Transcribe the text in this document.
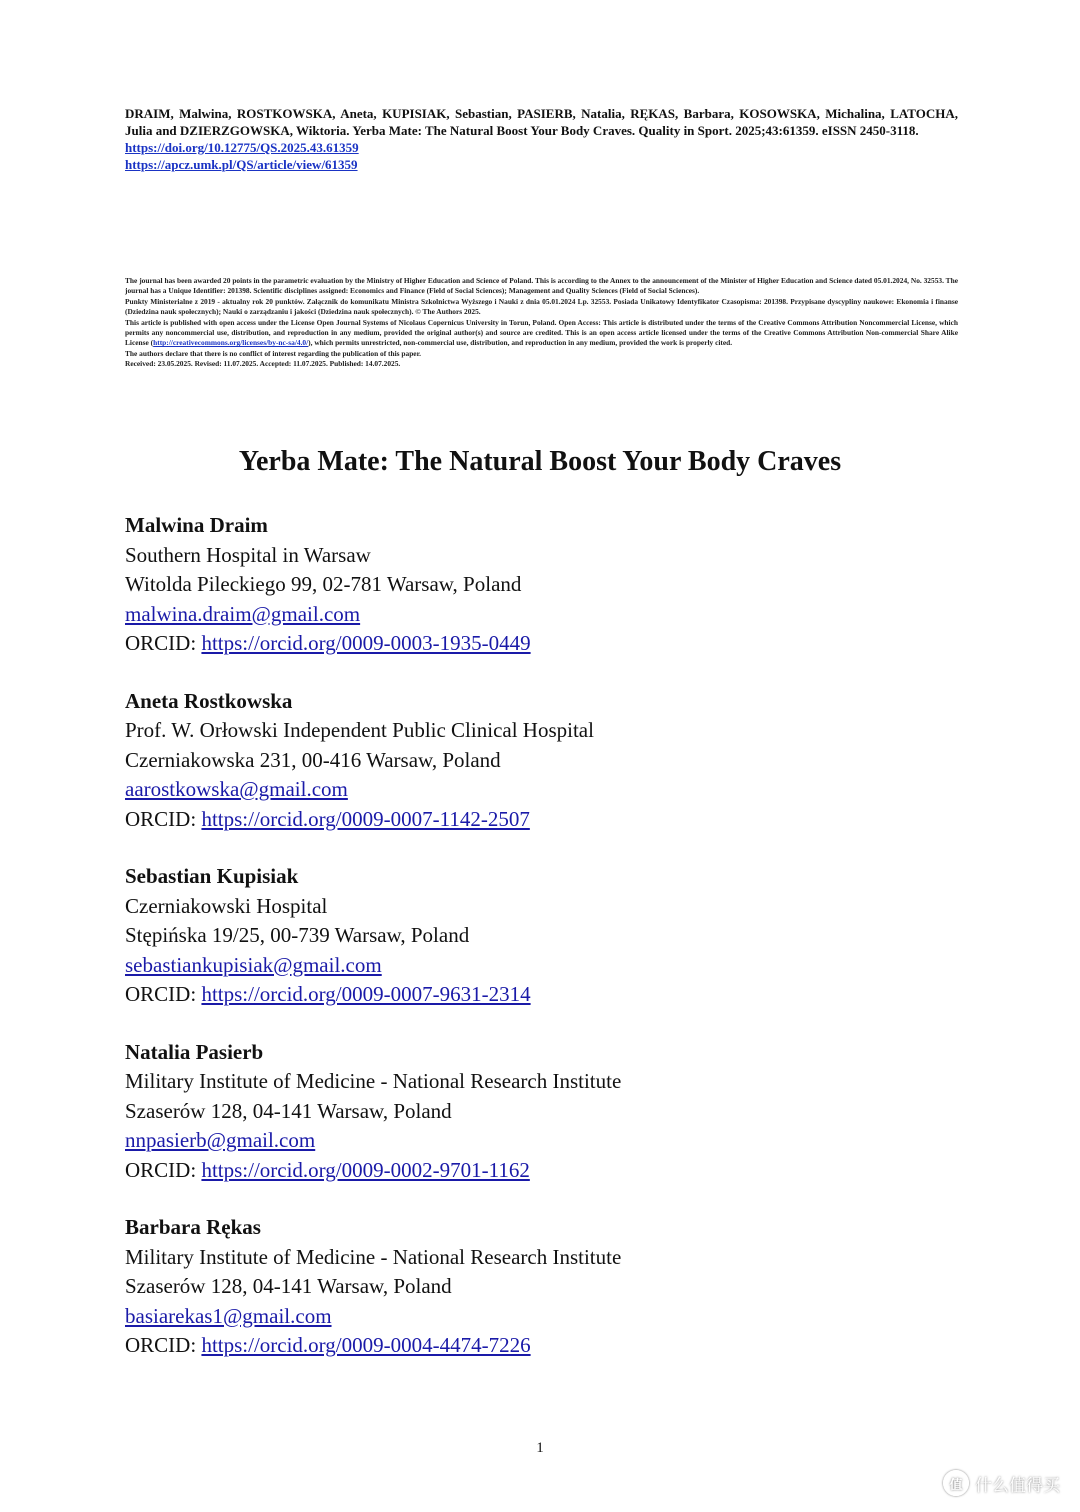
DRAIM, Malwina, ROSTKOWSKA, Aneta, KUPISIAK, Sebastian, PASIERB, Natalia, RĘKAS, Barbara, KOSOWSKA, Michalina, LATOCHA, Julia and DZIERZGOWSKA, Wiktoria. Yerba Mate: The Natural Boost Your Body Craves. Quality in Sport. 2025;43:61359. eISSN 2450-3118.
https://doi.org/10.12775/QS.2025.43.61359
https://apcz.umk.pl/QS/article/view/61359

The journal has been awarded 20 points in the parametric evaluation by the Ministry of Higher Education and Science of Poland. This is according to the Annex to the announcement of the Minister of Higher Education and Science dated 05.01.2024, No. 32553. The journal has a Unique Identifier: 201398. Scientific disciplines assigned: Economics and Finance (Field of Social Sciences); Management and Quality Sciences (Field of Social Sciences).

Punkty Ministerialne z 2019 - aktualny rok 20 punktów. Załącznik do komunikatu Ministra Szkolnictwa Wyższego i Nauki z dnia 05.01.2024 Lp. 32553. Posiada Unikatowy Identyfikator Czasopisma: 201398. Przypisane dyscypliny naukowe: Ekonomia i finanse (Dziedzina nauk społecznych); Nauki o zarządzaniu i jakości (Dziedzina nauk społecznych). © The Authors 2025.

This article is published with open access under the License Open Journal Systems of Nicolaus Copernicus University in Torun, Poland. Open Access: This article is distributed under the terms of the Creative Commons Attribution Noncommercial License, which permits any noncommercial use, distribution, and reproduction in any medium, provided the original author(s) and source are credited. This is an open access article licensed under the terms of the Creative Commons Attribution Non-commercial Share Alike License (http://creativecommons.org/licenses/by-nc-sa/4.0/), which permits unrestricted, non-commercial use, distribution, and reproduction in any medium, provided the work is properly cited.

The authors declare that there is no conflict of interest regarding the publication of this paper.

Received: 23.05.2025. Revised: 11.07.2025. Accepted: 11.07.2025. Published: 14.07.2025.

Yerba Mate: The Natural Boost Your Body Craves
Malwina Draim
Southern Hospital in Warsaw
Witolda Pileckiego 99, 02-781 Warsaw, Poland
malwina.draim@gmail.com
ORCID: https://orcid.org/0009-0003-1935-0449
Aneta Rostkowska
Prof. W. Orłowski Independent Public Clinical Hospital
Czerniakowska 231, 00-416 Warsaw, Poland
aarostkowska@gmail.com
ORCID: https://orcid.org/0009-0007-1142-2507
Sebastian Kupisiak
Czerniakowski Hospital
Stępińska 19/25, 00-739 Warsaw, Poland
sebastiankupisiak@gmail.com
ORCID: https://orcid.org/0009-0007-9631-2314
Natalia Pasierb
Military Institute of Medicine - National Research Institute
Szaserów 128, 04-141 Warsaw, Poland
nnpasierb@gmail.com
ORCID: https://orcid.org/0009-0002-9701-1162
Barbara Rękas
Military Institute of Medicine - National Research Institute
Szaserów 128, 04-141 Warsaw, Poland
basiarekas1@gmail.com
ORCID: https://orcid.org/0009-0004-4474-7226
1
值 什么值得买
